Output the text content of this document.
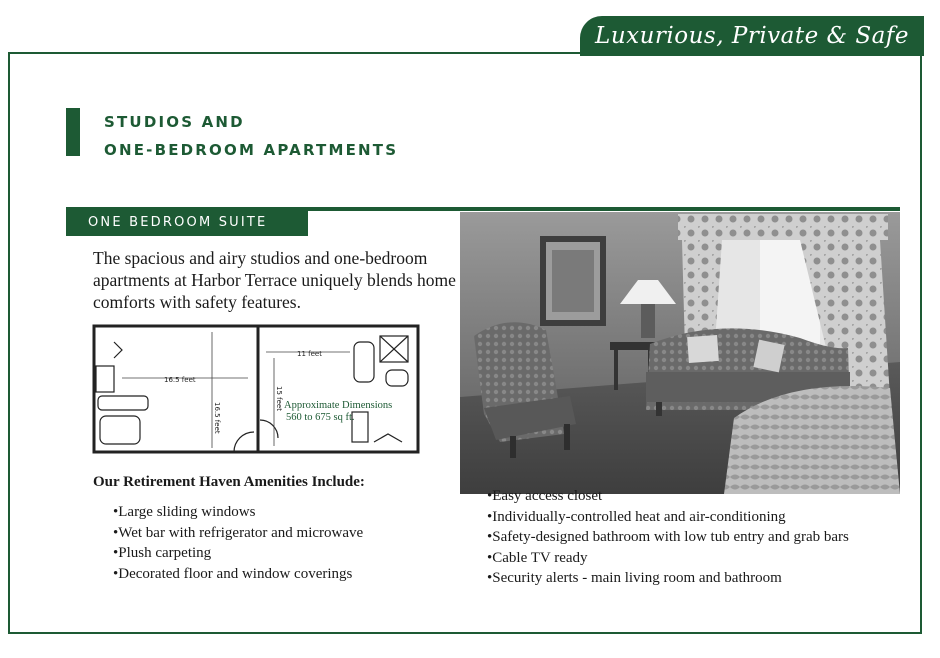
Luxurious, Private & Safe
STUDIOS AND
ONE-BEDROOM APARTMENTS
ONE BEDROOM SUITE
The spacious and airy studios and one-bedroom apartments at Harbor Terrace uniquely blends home comforts with safety features.
16.5 feet
16.5 feet
11 feet
15 feet Approximate Dimensions
560 to 675 sq ft.
Our Retirement Haven Amenities Include:
• Large sliding windows
• Wet bar with refrigerator and microwave
• Plush carpeting
• Decorated floor and window coverings
• Easy access closet
• Individually-controlled heat and air-conditioning
• Safety-designed bathroom with low tub entry and grab bars
• Cable TV ready
• Security alerts - main living room and bathroom
